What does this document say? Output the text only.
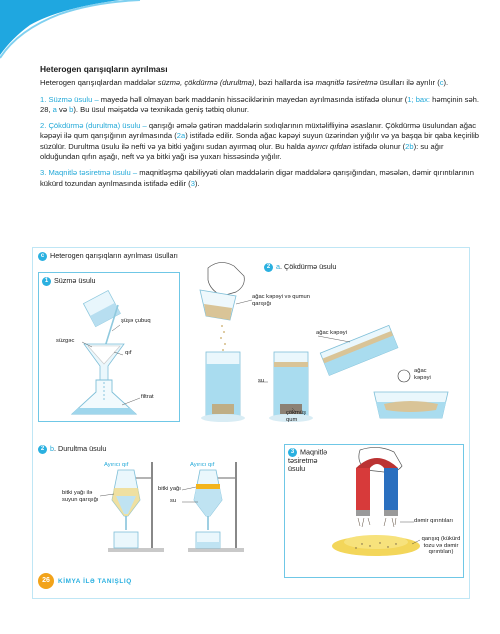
Heterogen qarışıqların ayrılması

Heterogen qarışıqlardan maddələr süzmə, çökdürmə (durultma), bəzi hallarda isə maqnitlə təsiretmə üsulları ilə ayrılır (c).

1. Süzmə üsulu – mayedə həll olmayan bərk maddənin hissəciklərinin mayedən ayrılmasında istifadə olunur (1; bax: həmçinin səh. 28, a və b). Bu üsul məişətdə və texnikada geniş tətbiq olunur.

2. Çökdürmə (durultma) üsulu – qarışığı əmələ gətirən maddələrin sıxlıqlarının müxtəlifliyinə əsaslanır. Çökdürmə üsulundan ağac kəpəyi ilə qum qarışığının ayrılmasında (2a) istifadə edilir. Sonda ağac kəpəyi suyun üzərindən yığılır və ya başqa bir qaba keçirilib süzülür. Durultma üsulu ilə nefti və ya bitki yağını sudan ayırmaq olur. Bu halda ayırıcı qıfdan istifadə olunur (2b): su ağır olduğundan qıfın aşağı, neft və ya bitki yağı isə yuxarı hissəsində yığılır.

3. Maqnitlə təsiretmə üsulu – maqnitləşmə qabiliyyəti olan maddələrin digər maddələrə qarışığından, məsələn, dəmir qırıntılarının kükürd tozundan ayrılmasında istifadə edilir (3).

c Heterogen qarışıqların ayrılması üsulları
1 Süzmə üsulu
şüşə çubuq
süzgəc
qıf
filtrat
2 a. Çökdürmə üsulu
ağac kəpəyi və qumun qarışığı
ağac kəpəyi
su
çökmüş qum
ağac kəpəyi
2 b. Durultma üsulu
Ayırıcı qıf	Ayırıcı qıf
bitki yağı ilə suyun qarışığı
bitki yağı
su
3 Maqnitlə təsiretmə üsulu
dəmir qırıntıları
qarışıq (kükürd tozu və dəmir qırıntıları)
26	KİMYA İLƏ TANIŞLIQ
